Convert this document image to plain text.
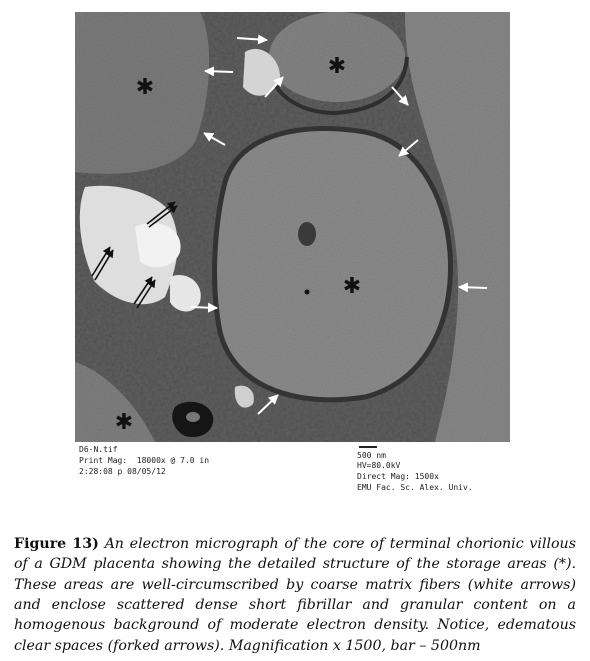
✱
✱
✱
✱
D6-N.tif
Print Mag:  18000x @ 7.0 in
2:28:08 p 08/05/12
500 nm
HV=80.0kV
Direct Mag: 1500x
EMU Fac. Sc. Alex. Univ.

Figure 13) An electron micrograph of the core of terminal chorionic villous of a GDM placenta showing the detailed structure of the storage areas (*). These areas are well-circumscribed by coarse matrix fibers (white arrows) and enclose scattered dense short fibrillar and granular content on a homogenous background of moderate electron density. Notice, edematous clear spaces (forked arrows). Magnification x 1500, bar – 500nm
